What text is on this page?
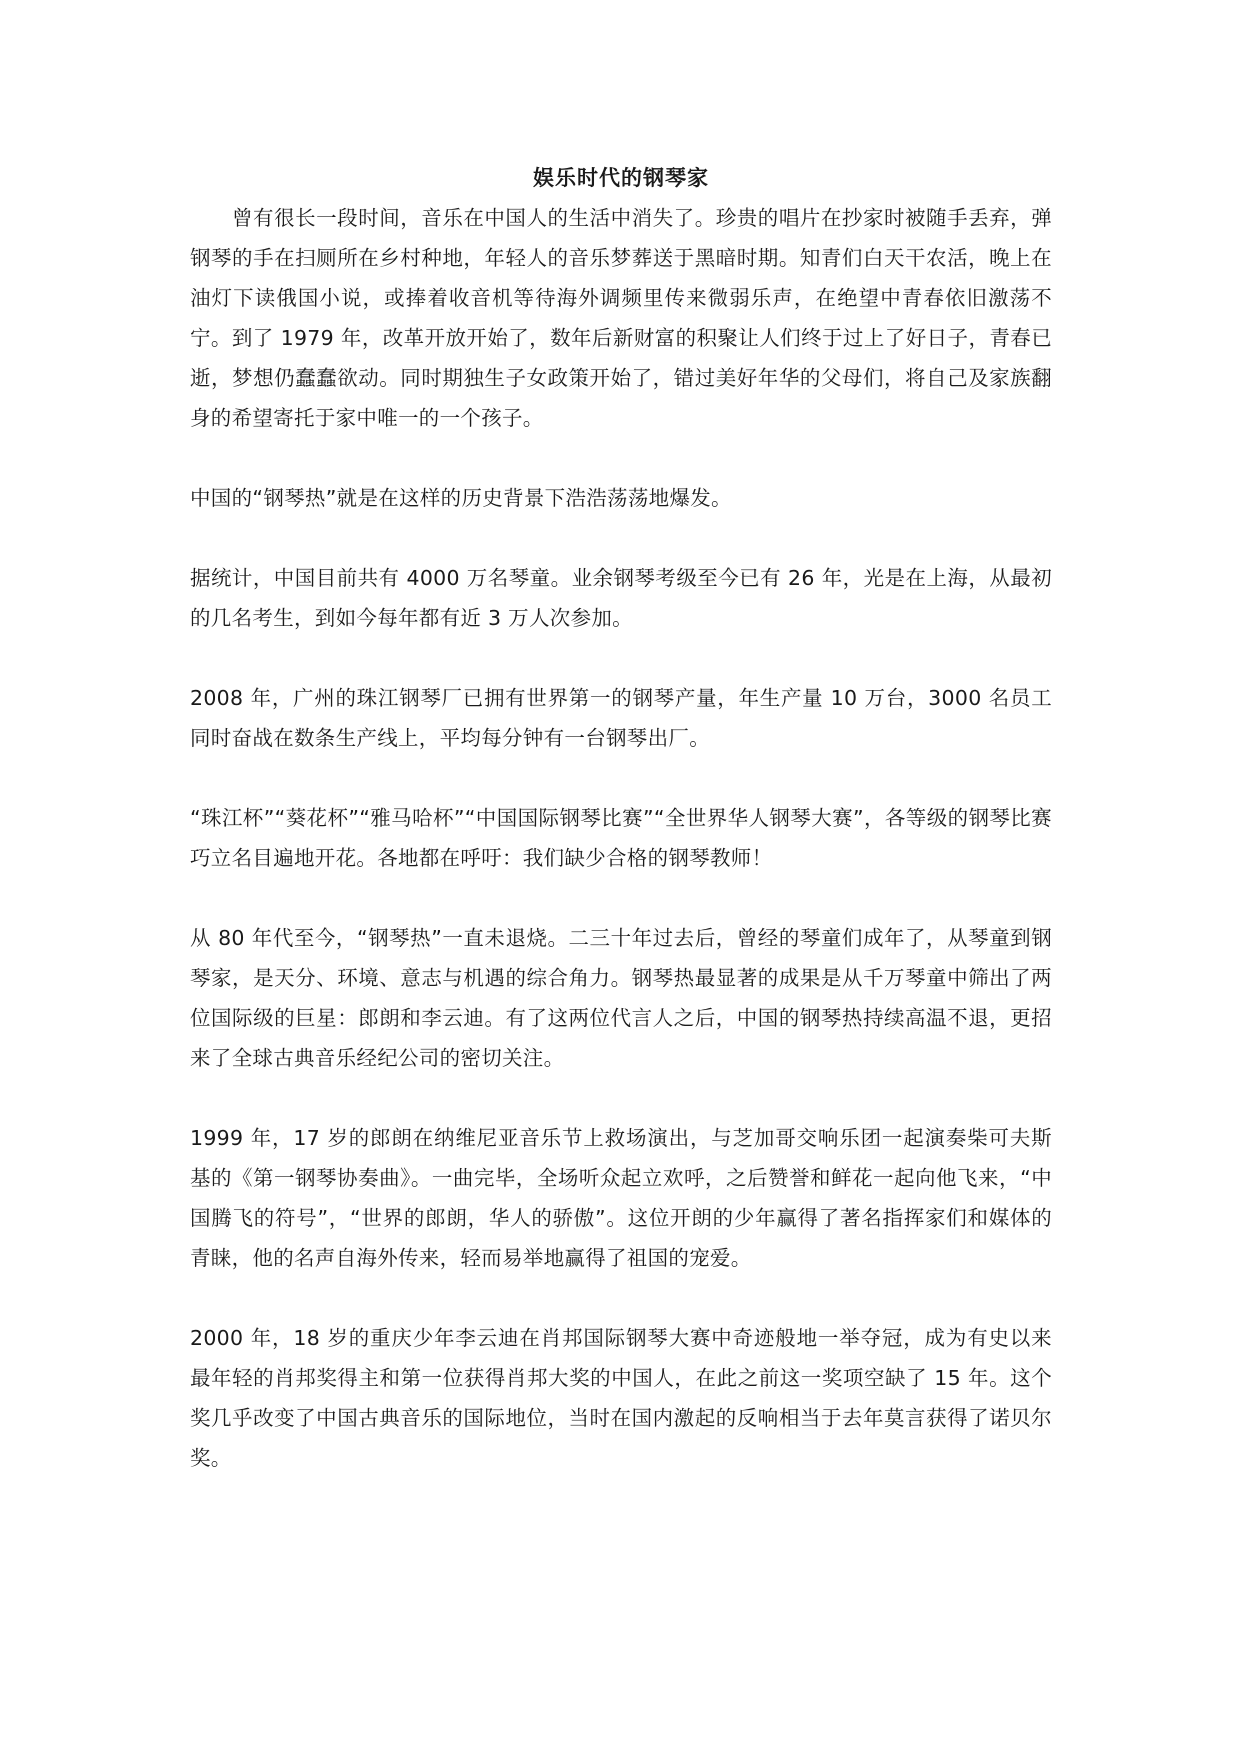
娱乐时代的钢琴家

曾有很长一段时间，音乐在中国人的生活中消失了。珍贵的唱片在抄家时被随手丢弃，弹钢琴的手在扫厕所在乡村种地，年轻人的音乐梦葬送于黑暗时期。知青们白天干农活，晚上在油灯下读俄国小说，或捧着收音机等待海外调频里传来微弱乐声，在绝望中青春依旧激荡不宁。到了 1979 年，改革开放开始了，数年后新财富的积聚让人们终于过上了好日子，青春已逝，梦想仍蠢蠢欲动。同时期独生子女政策开始了，错过美好年华的父母们，将自己及家族翻身的希望寄托于家中唯一的一个孩子。

中国的“钢琴热”就是在这样的历史背景下浩浩荡荡地爆发。

据统计，中国目前共有 4000 万名琴童。业余钢琴考级至今已有 26 年，光是在上海，从最初的几名考生，到如今每年都有近 3 万人次参加。

2008 年，广州的珠江钢琴厂已拥有世界第一的钢琴产量，年生产量 10 万台，3000 名员工同时奋战在数条生产线上，平均每分钟有一台钢琴出厂。

“珠江杯”“葵花杯”“雅马哈杯”“中国国际钢琴比赛”“全世界华人钢琴大赛”，各等级的钢琴比赛巧立名目遍地开花。各地都在呼吁：我们缺少合格的钢琴教师！

从 80 年代至今，“钢琴热”一直未退烧。二三十年过去后，曾经的琴童们成年了，从琴童到钢琴家，是天分、环境、意志与机遇的综合角力。钢琴热最显著的成果是从千万琴童中筛出了两位国际级的巨星：郎朗和李云迪。有了这两位代言人之后，中国的钢琴热持续高温不退，更招来了全球古典音乐经纪公司的密切关注。

1999 年，17 岁的郎朗在纳维尼亚音乐节上救场演出，与芝加哥交响乐团一起演奏柴可夫斯基的《第一钢琴协奏曲》。一曲完毕，全场听众起立欢呼，之后赞誉和鲜花一起向他飞来，“中国腾飞的符号”，“世界的郎朗，华人的骄傲”。这位开朗的少年赢得了著名指挥家们和媒体的青睐，他的名声自海外传来，轻而易举地赢得了祖国的宠爱。

2000 年，18 岁的重庆少年李云迪在肖邦国际钢琴大赛中奇迹般地一举夺冠，成为有史以来最年轻的肖邦奖得主和第一位获得肖邦大奖的中国人，在此之前这一奖项空缺了 15 年。这个奖几乎改变了中国古典音乐的国际地位，当时在国内激起的反响相当于去年莫言获得了诺贝尔奖。
